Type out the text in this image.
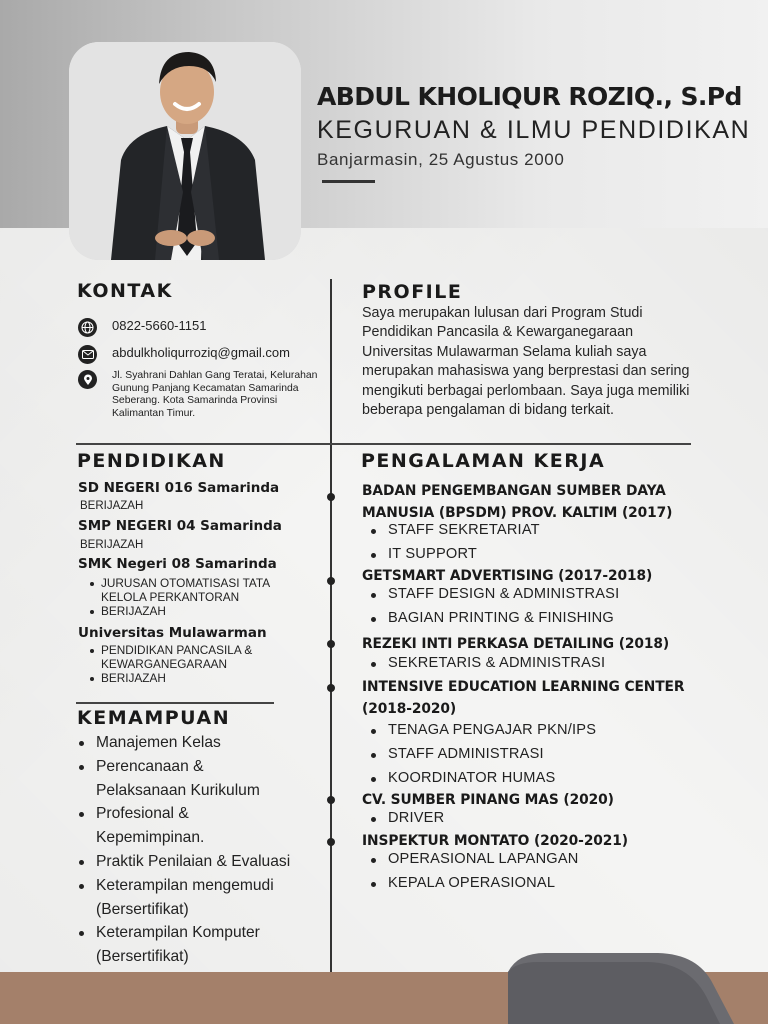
ABDUL KHOLIQUR ROZIQ., S.Pd
KEGURUAN & ILMU PENDIDIKAN
Banjarmasin, 25 Agustus 2000
KONTAK
0822-5660-1151
abdulkholiqurroziq@gmail.com
Jl. Syahrani Dahlan Gang Teratai, Kelurahan Gunung Panjang Kecamatan Samarinda Seberang. Kota Samarinda Provinsi Kalimantan Timur.
PROFILE
Saya merupakan lulusan dari Program Studi Pendidikan Pancasila & Kewarganegaraan Universitas Mulawarman Selama kuliah saya merupakan mahasiswa yang berprestasi dan sering mengikuti berbagai perlombaan. Saya juga memiliki beberapa pengalaman di bidang terkait.
PENDIDIKAN
SD NEGERI 016 Samarinda
BERIJAZAH
SMP NEGERI 04 Samarinda
BERIJAZAH
SMK Negeri 08 Samarinda
JURUSAN OTOMATISASI TATA KELOLA PERKANTORAN
BERIJAZAH
Universitas Mulawarman
PENDIDIKAN PANCASILA & KEWARGANEGARAAN
BERIJAZAH
KEMAMPUAN
Manajemen Kelas
Perencanaan & Pelaksanaan Kurikulum
Profesional & Kepemimpinan.
Praktik Penilaian & Evaluasi
Keterampilan mengemudi (Bersertifikat)
Keterampilan Komputer (Bersertifikat)
PENGALAMAN KERJA
BADAN PENGEMBANGAN SUMBER DAYA MANUSIA (BPSDM) PROV. KALTIM (2017)
STAFF SEKRETARIAT
IT SUPPORT
GETSMART ADVERTISING (2017-2018)
STAFF DESIGN & ADMINISTRASI
BAGIAN PRINTING & FINISHING
REZEKI INTI PERKASA DETAILING (2018)
SEKRETARIS & ADMINISTRASI
INTENSIVE EDUCATION LEARNING CENTER (2018-2020)
TENAGA PENGAJAR PKN/IPS
STAFF ADMINISTRASI
KOORDINATOR HUMAS
CV. SUMBER PINANG MAS (2020)
DRIVER
INSPEKTUR MONTATO (2020-2021)
OPERASIONAL LAPANGAN
KEPALA OPERASIONAL
